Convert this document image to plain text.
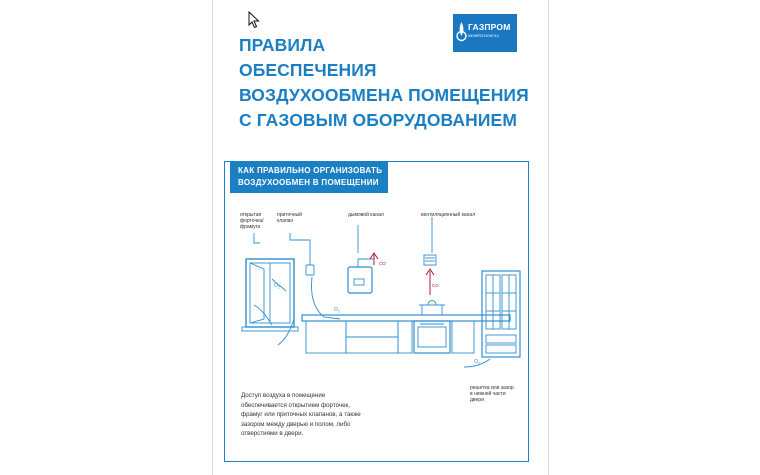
ПРАВИЛА
ОБЕСПЕЧЕНИЯ
ВОЗДУХООБМЕНА ПОМЕЩЕНИЯ
С ГАЗОВЫМ ОБОРУДОВАНИЕМ
ГАЗПРОМ
МЕЖРЕГИОНГАЗ
КАК ПРАВИЛЬНО ОРГАНИЗОВАТЬ
ВОЗДУХООБМЕН В ПОМЕЩЕНИИ
открытая
форточка/
фрамуга
приточный
клапан
дымовой канал	вентиляционный канал
решетка или зазор
в нижней части
двери
$O_2$
$O_2$
$O_2$
CO
CO

Доступ воздуха в помещение
обеспечивается открытием форточек,
фрамуг или приточных клапанов, а также
зазором между дверью и полом, либо
отверстиями в двери.
